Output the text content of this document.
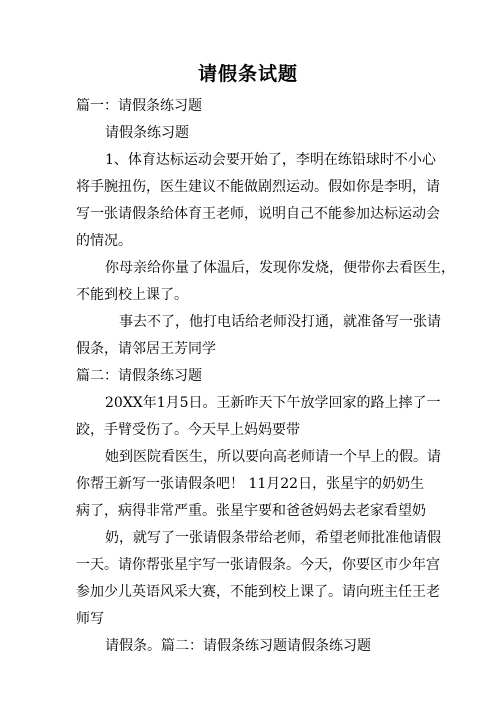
请假条试题
篇一：请假条练习题
请假条练习题
1、体育达标运动会要开始了，李明在练铅球时不小心
将手腕扭伤，医生建议不能做剧烈运动。假如你是李明，请
写一张请假条给体育王老师，说明自己不能参加达标运动会
的情况。
你母亲给你量了体温后，发现你发烧，便带你去看医生，
不能到校上课了。
事去不了，他打电话给老师没打通，就准备写一张请
假条，请邻居王芳同学
篇二：请假条练习题
20XX年1月5日。王新昨天下午放学回家的路上摔了一
跤，手臂受伤了。今天早上妈妈要带
她到医院看医生，所以要向高老师请一个早上的假。请
你帮王新写一张请假条吧！ 11月22日，张星宇的奶奶生
病了，病得非常严重。张星宇要和爸爸妈妈去老家看望奶
奶，就写了一张请假条带给老师，希望老师批准他请假
一天。请你帮张星宇写一张请假条。今天，你要区市少年宫
参加少儿英语风采大赛，不能到校上课了。请向班主任王老
师写
请假条。篇二：请假条练习题请假条练习题
